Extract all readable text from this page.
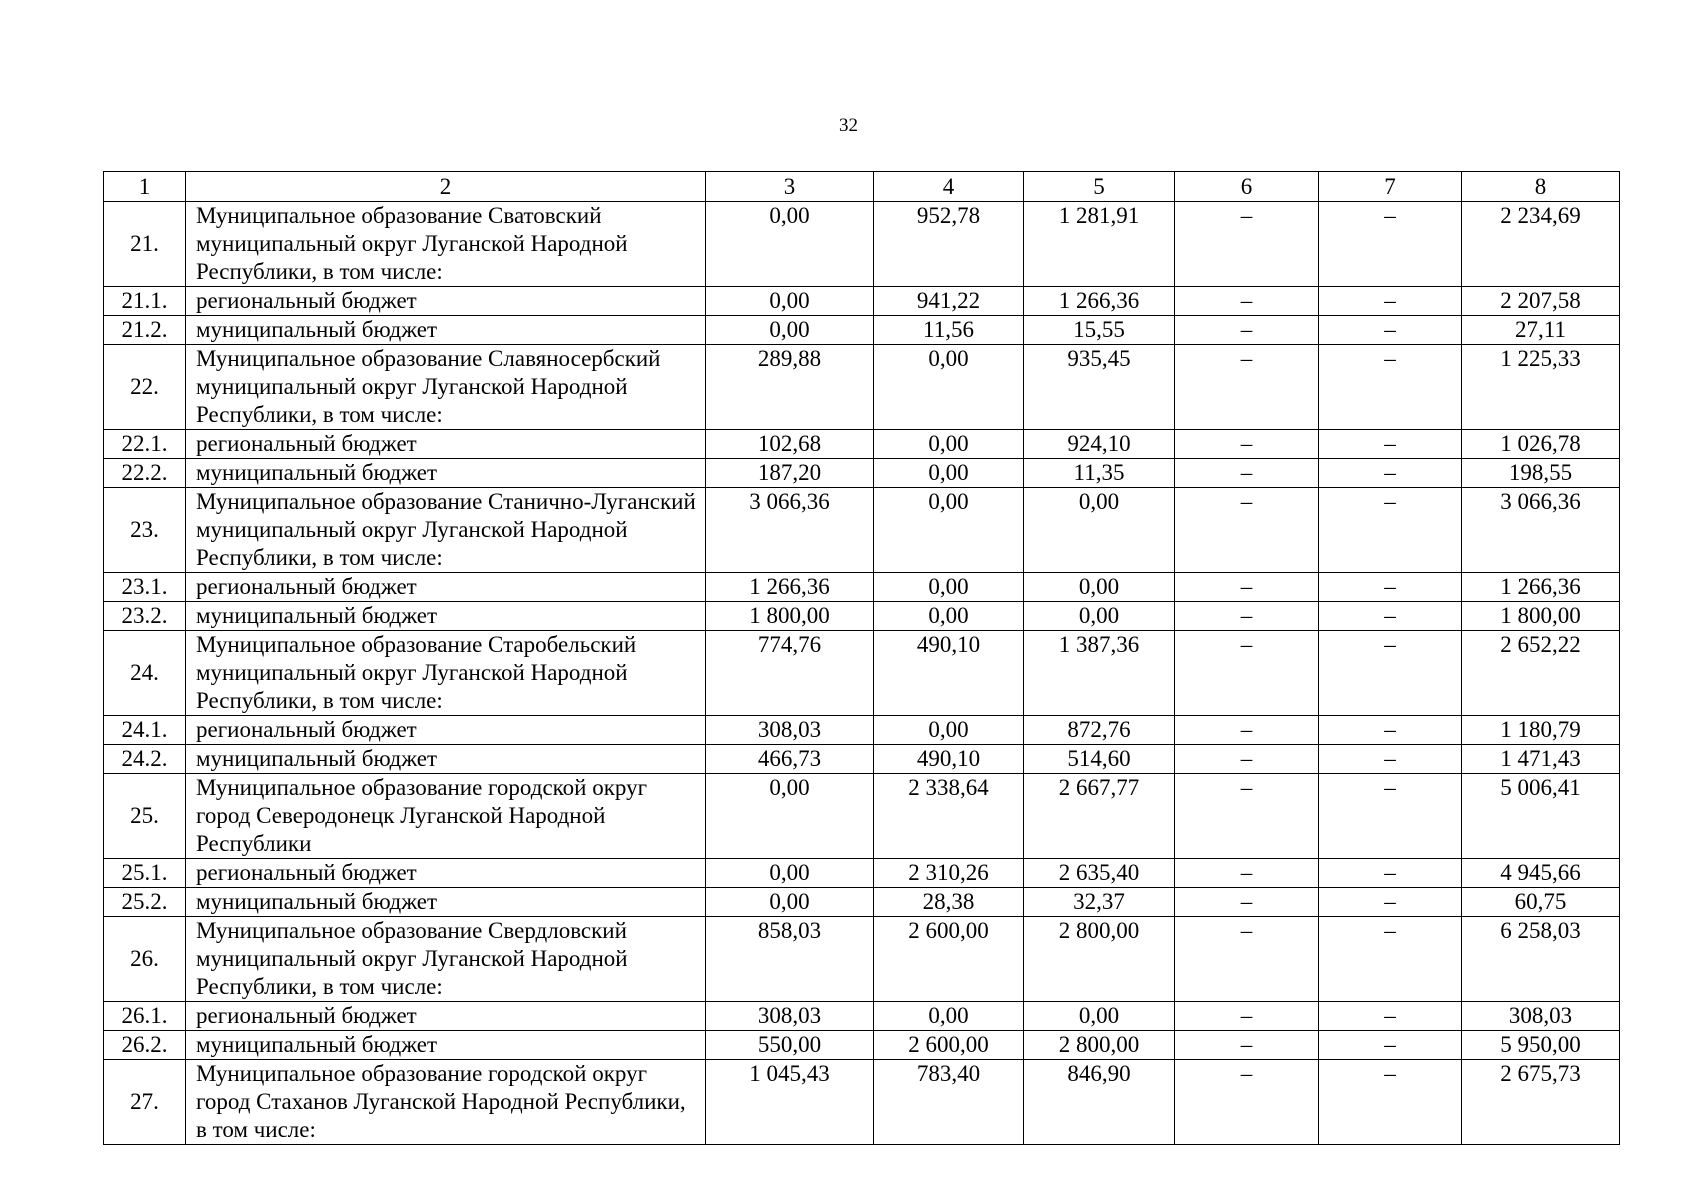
32
1	2	3	4	5	6	7	8
21.	Муниципальное образование Сватовский муниципальный округ Луганской Народной Республики, в том числе:	0,00	952,78	1 281,91	–	–	2 234,69
21.1.	региональный бюджет	0,00	941,22	1 266,36	–	–	2 207,58
21.2.	муниципальный бюджет	0,00	11,56	15,55	–	–	27,11
22.	Муниципальное образование Славяносербский муниципальный округ Луганской Народной Республики, в том числе:	289,88	0,00	935,45	–	–	1 225,33
22.1.	региональный бюджет	102,68	0,00	924,10	–	–	1 026,78
22.2.	муниципальный бюджет	187,20	0,00	11,35	–	–	198,55
23.	Муниципальное образование Станично-Луганский муниципальный округ Луганской Народной Республики, в том числе:	3 066,36	0,00	0,00	–	–	3 066,36
23.1.	региональный бюджет	1 266,36	0,00	0,00	–	–	1 266,36
23.2.	муниципальный бюджет	1 800,00	0,00	0,00	–	–	1 800,00
24.	Муниципальное образование Старобельский муниципальный округ Луганской Народной Республики, в том числе:	774,76	490,10	1 387,36	–	–	2 652,22
24.1.	региональный бюджет	308,03	0,00	872,76	–	–	1 180,79
24.2.	муниципальный бюджет	466,73	490,10	514,60	–	–	1 471,43
25.	Муниципальное образование городской округ город Северодонецк Луганской Народной Республики	0,00	2 338,64	2 667,77	–	–	5 006,41
25.1.	региональный бюджет	0,00	2 310,26	2 635,40	–	–	4 945,66
25.2.	муниципальный бюджет	0,00	28,38	32,37	–	–	60,75
26.	Муниципальное образование Свердловский муниципальный округ Луганской Народной Республики, в том числе:	858,03	2 600,00	2 800,00	–	–	6 258,03
26.1.	региональный бюджет	308,03	0,00	0,00	–	–	308,03
26.2.	муниципальный бюджет	550,00	2 600,00	2 800,00	–	–	5 950,00
27.	Муниципальное образование городской округ город Стаханов Луганской Народной Республики, в том числе:	1 045,43	783,40	846,90	–	–	2 675,73
